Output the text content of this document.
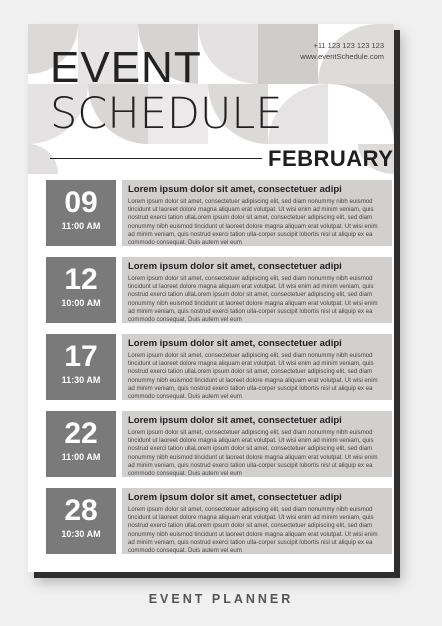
EVENT
SCHEDULE
+11 123 123 123 123
www.eventSchedule.com
FEBRUARY
09
11:00 AM

Lorem ipsum dolor sit amet, consectetuer adipi

Lorem ipsum dolor sit amet, consectetuer adipiscing elit, sed diam nonummy nibh euismod tincidunt ut laoreet dolore magna aliquam erat volutpat. Ut wisi enim ad minim veniam, quis nostrud exerci tation ullaLorem ipsum dolor sit amet, consectetuer adipiscing elit, sed diam nonummy nibh euismod tincidunt ut laoreet dolore magna aliquam erat volutpat. Ut wisi enim ad minim veniam, quis nostrud exerci tation ulla-corper suscipit lobortis nisl ut aliquip ex ea commodo consequat. Duis autem vel eum

12
10:00 AM

Lorem ipsum dolor sit amet, consectetuer adipi

Lorem ipsum dolor sit amet, consectetuer adipiscing elit, sed diam nonummy nibh euismod tincidunt ut laoreet dolore magna aliquam erat volutpat. Ut wisi enim ad minim veniam, quis nostrud exerci tation ullaLorem ipsum dolor sit amet, consectetuer adipiscing elit, sed diam nonummy nibh euismod tincidunt ut laoreet dolore magna aliquam erat volutpat. Ut wisi enim ad minim veniam, quis nostrud exerci tation ulla-corper suscipit lobortis nisl ut aliquip ex ea commodo consequat. Duis autem vel eum

17
11:30 AM

Lorem ipsum dolor sit amet, consectetuer adipi

Lorem ipsum dolor sit amet, consectetuer adipiscing elit, sed diam nonummy nibh euismod tincidunt ut laoreet dolore magna aliquam erat volutpat. Ut wisi enim ad minim veniam, quis nostrud exerci tation ullaLorem ipsum dolor sit amet, consectetuer adipiscing elit, sed diam nonummy nibh euismod tincidunt ut laoreet dolore magna aliquam erat volutpat. Ut wisi enim ad minim veniam, quis nostrud exerci tation ulla-corper suscipit lobortis nisl ut aliquip ex ea commodo consequat. Duis autem vel eum

22
11:00 AM

Lorem ipsum dolor sit amet, consectetuer adipi

Lorem ipsum dolor sit amet, consectetuer adipiscing elit, sed diam nonummy nibh euismod tincidunt ut laoreet dolore magna aliquam erat volutpat. Ut wisi enim ad minim veniam, quis nostrud exerci tation ullaLorem ipsum dolor sit amet, consectetuer adipiscing elit, sed diam nonummy nibh euismod tincidunt ut laoreet dolore magna aliquam erat volutpat. Ut wisi enim ad minim veniam, quis nostrud exerci tation ulla-corper suscipit lobortis nisl ut aliquip ex ea commodo consequat. Duis autem vel eum

28
10:30 AM

Lorem ipsum dolor sit amet, consectetuer adipi

Lorem ipsum dolor sit amet, consectetuer adipiscing elit, sed diam nonummy nibh euismod tincidunt ut laoreet dolore magna aliquam erat volutpat. Ut wisi enim ad minim veniam, quis nostrud exerci tation ullaLorem ipsum dolor sit amet, consectetuer adipiscing elit, sed diam nonummy nibh euismod tincidunt ut laoreet dolore magna aliquam erat volutpat. Ut wisi enim ad minim veniam, quis nostrud exerci tation ulla-corper suscipit lobortis nisl ut aliquip ex ea commodo consequat. Duis autem vel eum

EVENT PLANNER
